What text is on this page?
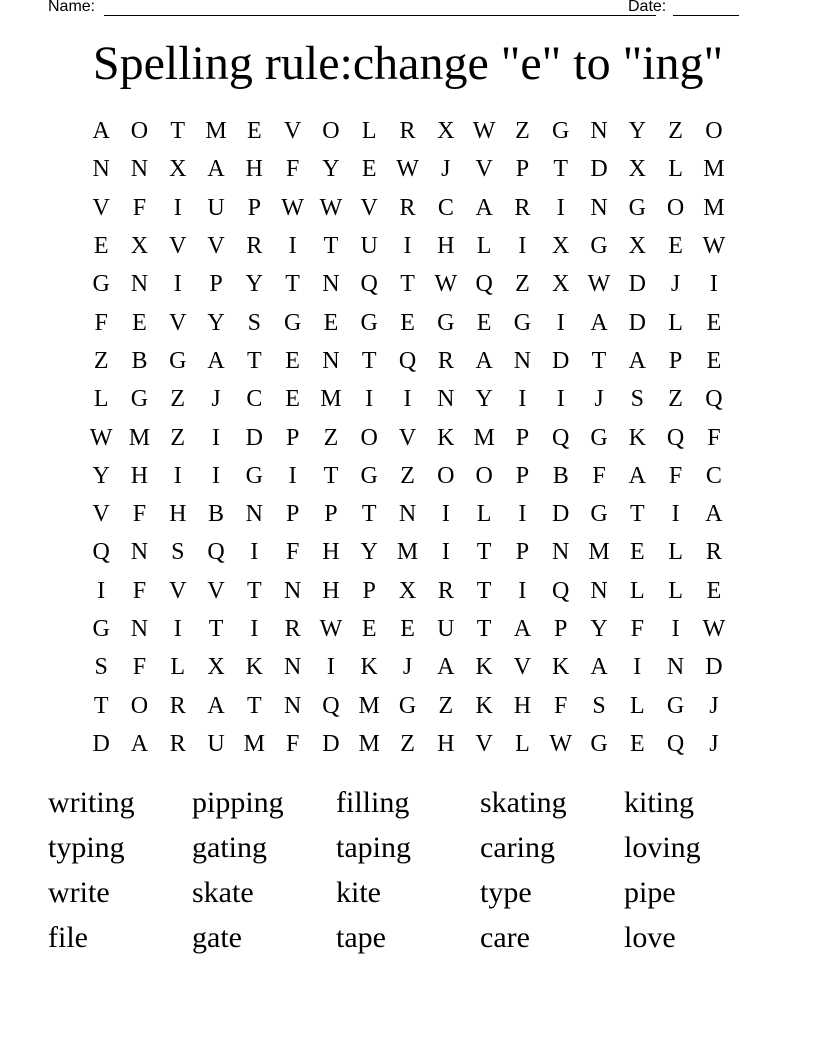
Name:	Date:
Spelling rule:change "e" to "ing"
A O T M E V O L R X W Z G N Y Z O
N N X A H F Y E W J	V P	T D X L M
V F	I	U P W W V R C A R	I	N G O M
E X V V R	I	T U	I	H L	I	X G X E W
G N	I	P Y T N Q T W Q Z X W D	J	I
F	E V Y S G E G E G E G	I	A D L E
Z B G A T E N T Q R A N D T A P	E
L G Z	J	C E M I	I	N Y	I	I	J	S	Z Q
W M Z	I	D P	Z O V K M P Q G K Q F
Y H	I	I	G	I	T G Z O O P B F A F C
V F H B N P	P	T N	I	L	I	D G T	I	A
Q N S Q	I	F H Y M I	T	P N M E L R
I	F V V T N H P X R T	I	Q N L L E
G N	I	T	I	R W E E U T A P Y F	I W
S	F	L X K N	I	K	J	A K V K A	I	N D
T O R A T N Q M G Z K H F	S	L G	J
D A R U M F D M Z H V L W G E Q	J
writing	pipping	filling	skating	kiting
typing	gating	taping	caring	loving
write	skate	kite	type	pipe
file	gate	tape	care	love
